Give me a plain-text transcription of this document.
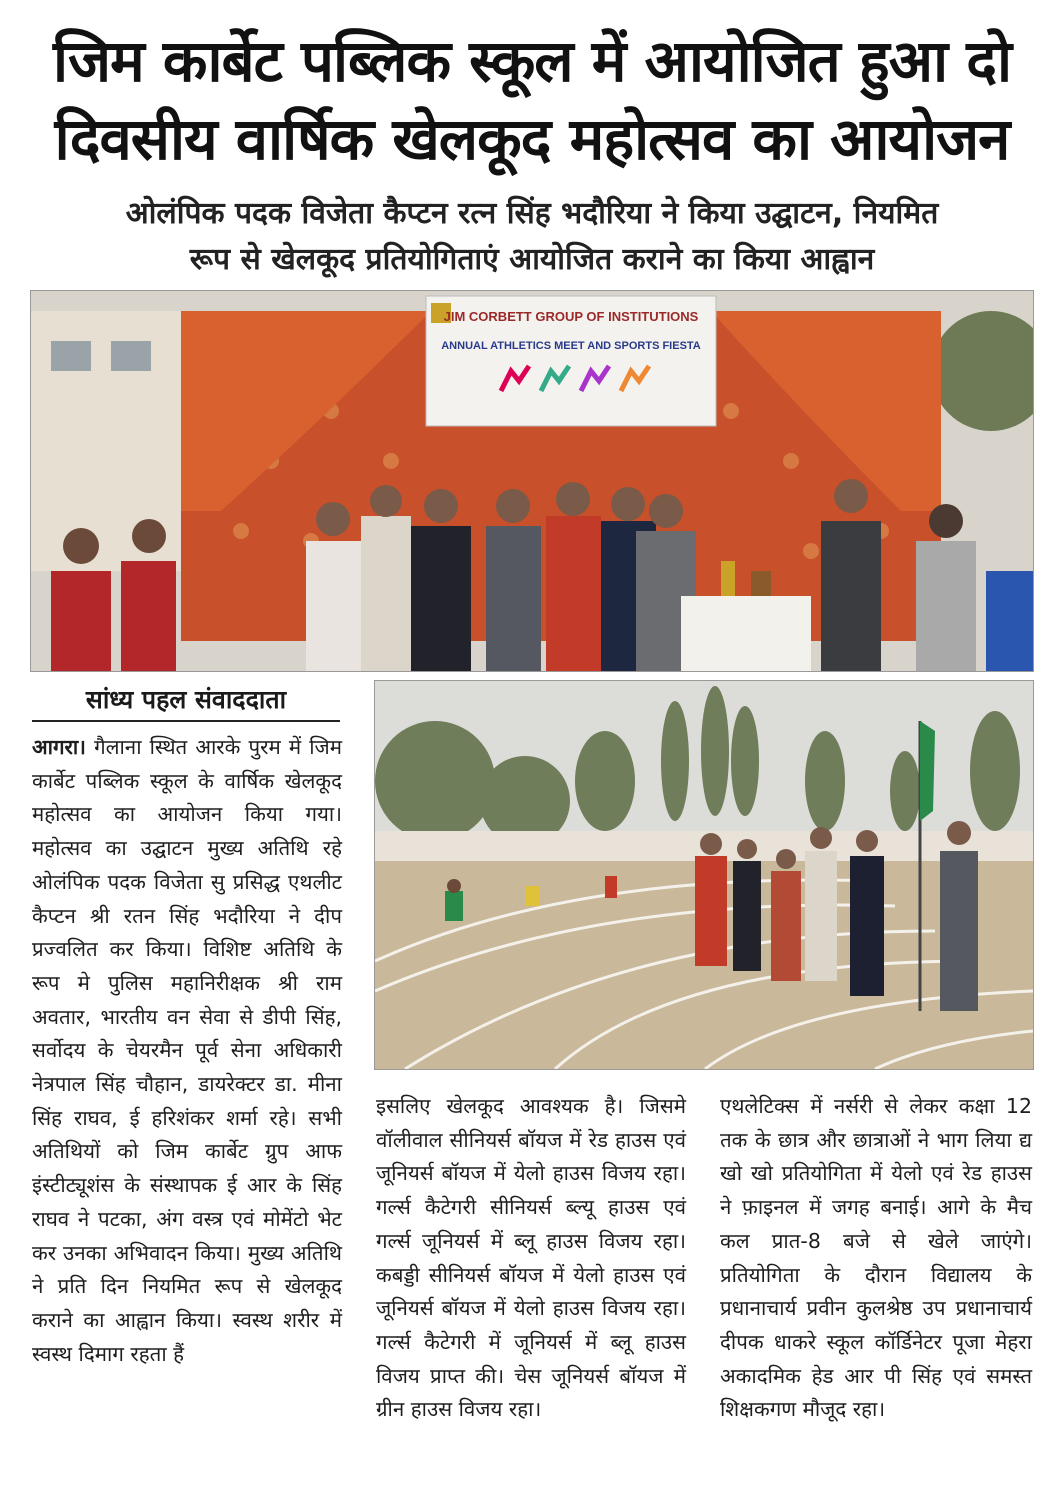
जिम कार्बेट पब्लिक स्कूल में आयोजित हुआ दो
दिवसीय वार्षिक खेलकूद महोत्सव का आयोजन
ओलंपिक पदक विजेता कैप्टन रत्न सिंह भदौरिया ने किया उद्घाटन, नियमित
रूप से खेलकूद प्रतियोगिताएं आयोजित कराने का किया आह्वान
JIM CORBETT GROUP OF INSTITUTIONS
ANNUAL ATHLETICS MEET AND SPORTS FIESTA
सांध्य पहल संवाददाता

आगरा। गैलाना स्थित आरके पुरम में जिम कार्बेट पब्लिक स्कूल के वार्षिक खेलकूद महोत्सव का आयोजन किया गया। महोत्सव का उद्घाटन मुख्य अतिथि रहे ओलंपिक पदक विजेता सु प्रसिद्ध एथलीट कैप्टन श्री रतन सिंह भदौरिया ने दीप प्रज्वलित कर किया। विशिष्ट अतिथि के रूप मे पुलिस महानिरीक्षक श्री राम अवतार, भारतीय वन सेवा से डीपी सिंह, सर्वोदय के चेयरमैन पूर्व सेना अधिकारी नेत्रपाल सिंह चौहान, डायरेक्टर डा. मीना सिंह राघव, ई हरिशंकर शर्मा रहे। सभी अतिथियों को जिम कार्बेट ग्रुप आफ इंस्टीट्यूशंस के संस्थापक ई आर के सिंह राघव ने पटका, अंग वस्त्र एवं मोमेंटो भेट कर उनका अभिवादन किया। मुख्य अतिथि ने प्रति दिन नियमित रूप से खेलकूद कराने का आह्वान किया। स्वस्थ शरीर में स्वस्थ दिमाग रहता हैं

इसलिए खेलकूद आवश्यक है। जिसमे वॉलीवाल सीनियर्स बॉयज में रेड हाउस एवं जूनियर्स बॉयज में येलो हाउस विजय रहा। गर्ल्स कैटेगरी सीनियर्स ब्ल्यू हाउस एवं गर्ल्स जूनियर्स में ब्लू हाउस विजय रहा। कबड्डी सीनियर्स बॉयज में येलो हाउस एवं जूनियर्स बॉयज में येलो हाउस विजय रहा। गर्ल्स कैटेगरी में जूनियर्स में ब्लू हाउस विजय प्राप्त की। चेस जूनियर्स बॉयज में ग्रीन हाउस विजय रहा।

एथलेटिक्स में नर्सरी से लेकर कक्षा 12 तक के छात्र और छात्राओं ने भाग लिया द्य खो खो प्रतियोगिता में येलो एवं रेड हाउस ने फ़ाइनल में जगह बनाई। आगे के मैच कल प्रात-8 बजे से खेले जाएंगे। प्रतियोगिता के दौरान विद्यालय के प्रधानाचार्य प्रवीन कुलश्रेष्ठ उप प्रधानाचार्य दीपक धाकरे स्कूल कॉर्डिनेटर पूजा मेहरा अकादमिक हेड आर पी सिंह एवं समस्त शिक्षकगण मौजूद रहा।
